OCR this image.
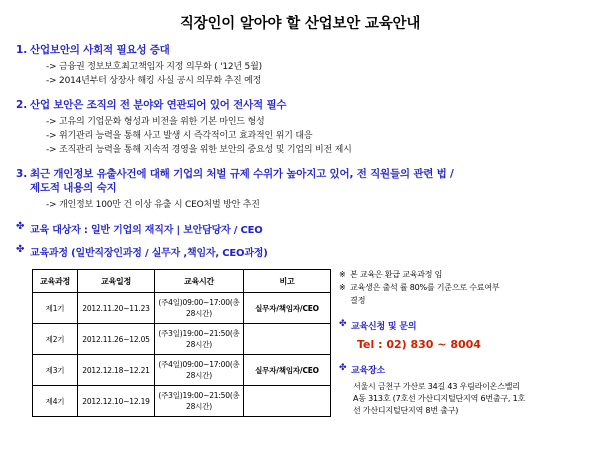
직장인이 알아야 할 산업보안 교육안내
1. 산업보안의 사회적 필요성 증대
-> 금융권 정보보호최고책임자 지정 의무화 ( '12년 5월)
-> 2014년부터 상장사 해킹 사실 공시 의무화 추진 예정
2. 산업 보안은 조직의 전 분야와 연관되어 있어 전사적 필수
-> 고유의 기업문화 형성과 비전을 위한 기본 마인드 형성
-> 위기관리 능력을 통해 사고 발생 시 즉각적이고 효과적인 위기 대응
-> 조직관리 능력을 통해 지속적 경영을 위한 보안의 중요성 및 기업의 비전 제시
3. 최근 개인정보 유출사건에 대해 기업의 처벌 규제 수위가 높아지고 있어, 전 직원들의 관련 법 /
제도적 내용의 숙지
-> 개인정보 100만 건 이상 유출 시 CEO처벌 방안 추진
✤ 교육 대상자 : 일반 기업의 재직자 | 보안담당자 / CEO
✤ 교육과정 (일반직장인과정 / 실무자 ,책임자, CEO과정)
교육과정	교육일정	교육시간	비고
제1기	2012.11.20~11.23	(주4일)09:00~17:00(총 28시간)	실무자/책임자/CEO
제2기	2012.11.26~12.05	(주3일)19:00~21:50(총 28시간)	
제3기	2012.12.18~12.21	(주4일)09:00~17:00(총 28시간)	실무자/책임자/CEO
제4기	2012.12.10~12.19	(주3일)19:00~21:50(총 28시간)	
※ 본 교육은 환급 교육과정 임
※ 교육생은 출석 률 80%를 기준으로 수료여부
결정
✤ 교육신청 및 문의
Tel : 02) 830 ~ 8004
✤ 교육장소
서울시 금천구 가산로 34길 43 우림라이온스밸리
A동 313호 (7호선 가산디지털단지역 6번출구, 1호
선 가산디지털단지역 8번 출구)
